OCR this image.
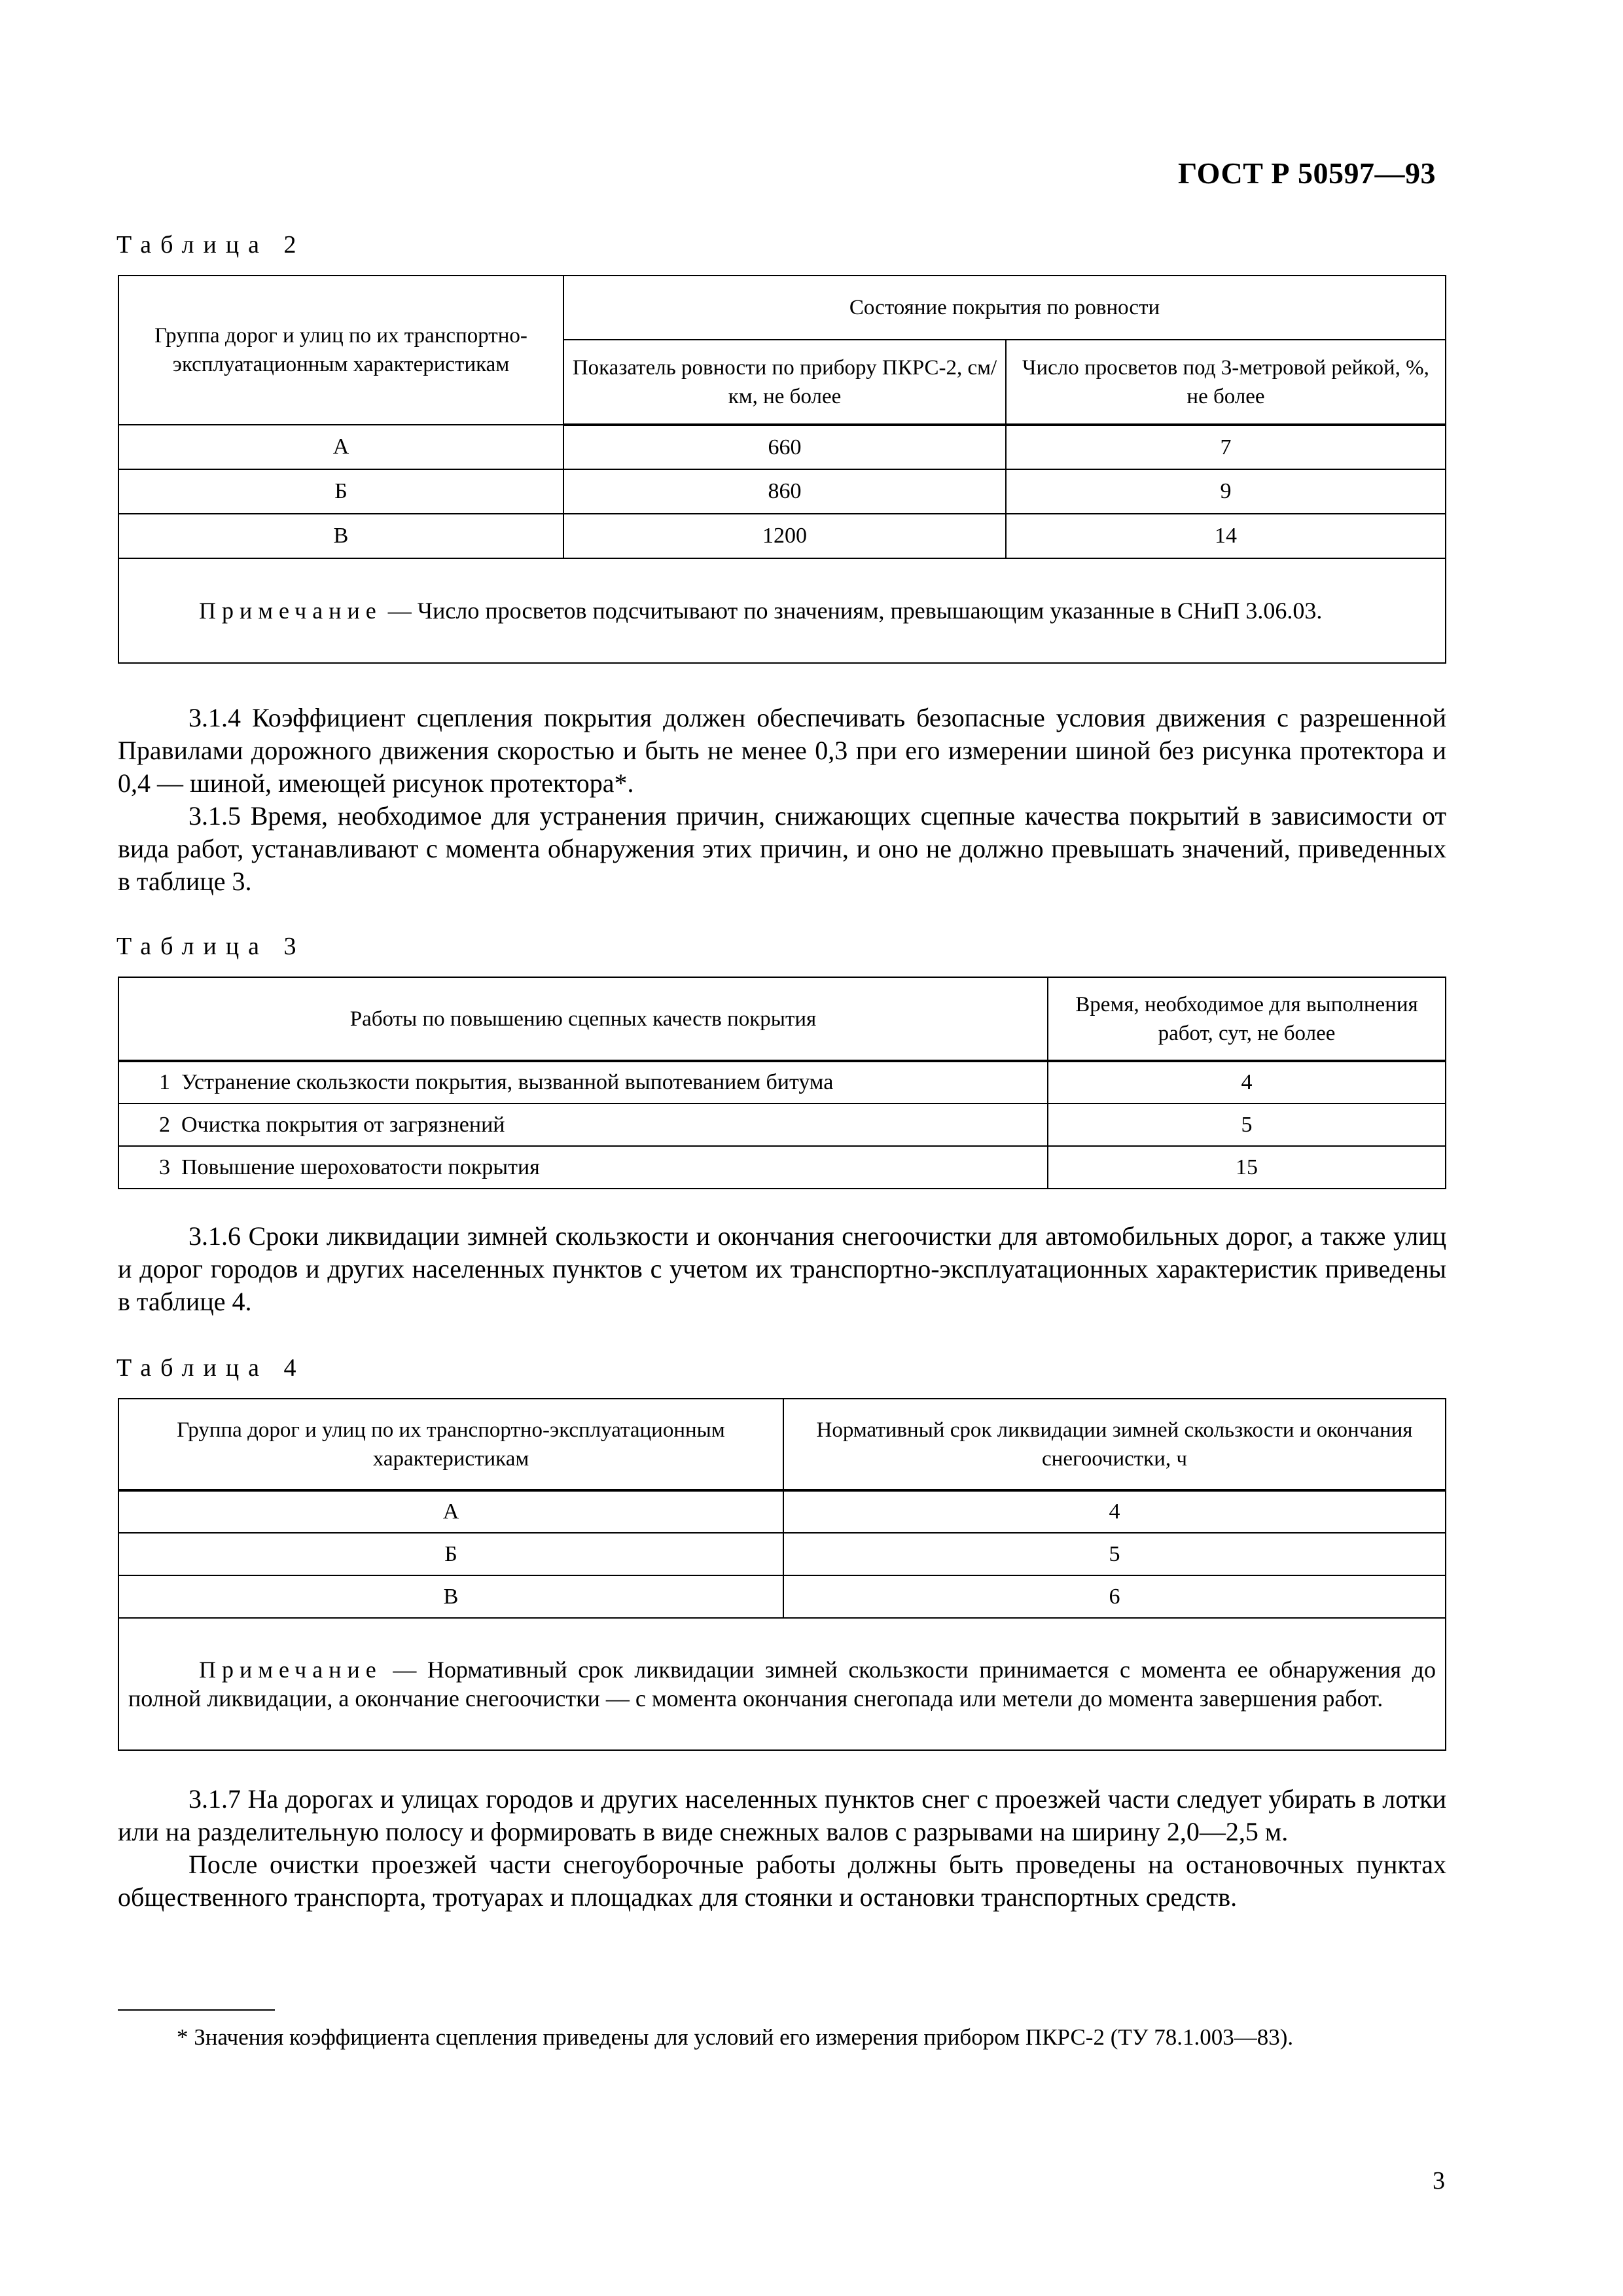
ГОСТ Р 50597—93
Таблица 2
Группа дорог и улиц по их транспортно-эксплуатационным характеристикам	Состояние покрытия по ровности	
	Показатель ровности по прибору ПКРС-2, см/км, не более	Число просветов под 3-метровой рейкой, %, не более
А	660	7
Б	860	9
В	1200	14
Примечание — Число просветов подсчитывают по значениям, превышающим указанные в СНиП 3.06.03.		

3.1.4 Коэффициент сцепления покрытия должен обеспечивать безопасные условия движения с разрешенной Правилами дорожного движения скоростью и быть не менее 0,3 при его измерении шиной без рисунка протектора и 0,4 — шиной, имеющей рисунок протектора*.

3.1.5 Время, необходимое для устранения причин, снижающих сцепные качества покрытий в зависимости от вида работ, устанавливают с момента обнаружения этих причин, и оно не должно превышать значений, приведенных в таблице 3.

Таблица 3
Работы по повышению сцепных качеств покрытия	Время, необходимое для выполнения работ, сут, не более
1 Устранение скользкости покрытия, вызванной выпотеванием битума	4
2 Очистка покрытия от загрязнений	5
3 Повышение шероховатости покрытия	15

3.1.6 Сроки ликвидации зимней скользкости и окончания снегоочистки для автомобильных дорог, а также улиц и дорог городов и других населенных пунктов с учетом их транспортно-эксплуатационных характеристик приведены в таблице 4.

Таблица 4
Группа дорог и улиц по их транспортно-эксплуатационным характеристикам	Нормативный срок ликвидации зимней скользкости и окончания снегоочистки, ч
А	4
Б	5
В	6
Примечание — Нормативный срок ликвидации зимней скользкости принимается с момента ее обнаружения до полной ликвидации, а окончание снегоочистки — с момента окончания снегопада или метели до момента завершения работ.	

3.1.7 На дорогах и улицах городов и других населенных пунктов снег с проезжей части следует убирать в лотки или на разделительную полосу и формировать в виде снежных валов с разрывами на ширину 2,0—2,5 м.

После очистки проезжей части снегоуборочные работы должны быть проведены на остановочных пунктах общественного транспорта, тротуарах и площадках для стоянки и остановки транспортных средств.

* Значения коэффициента сцепления приведены для условий его измерения прибором ПКРС-2 (ТУ 78.1.003—83).

3
